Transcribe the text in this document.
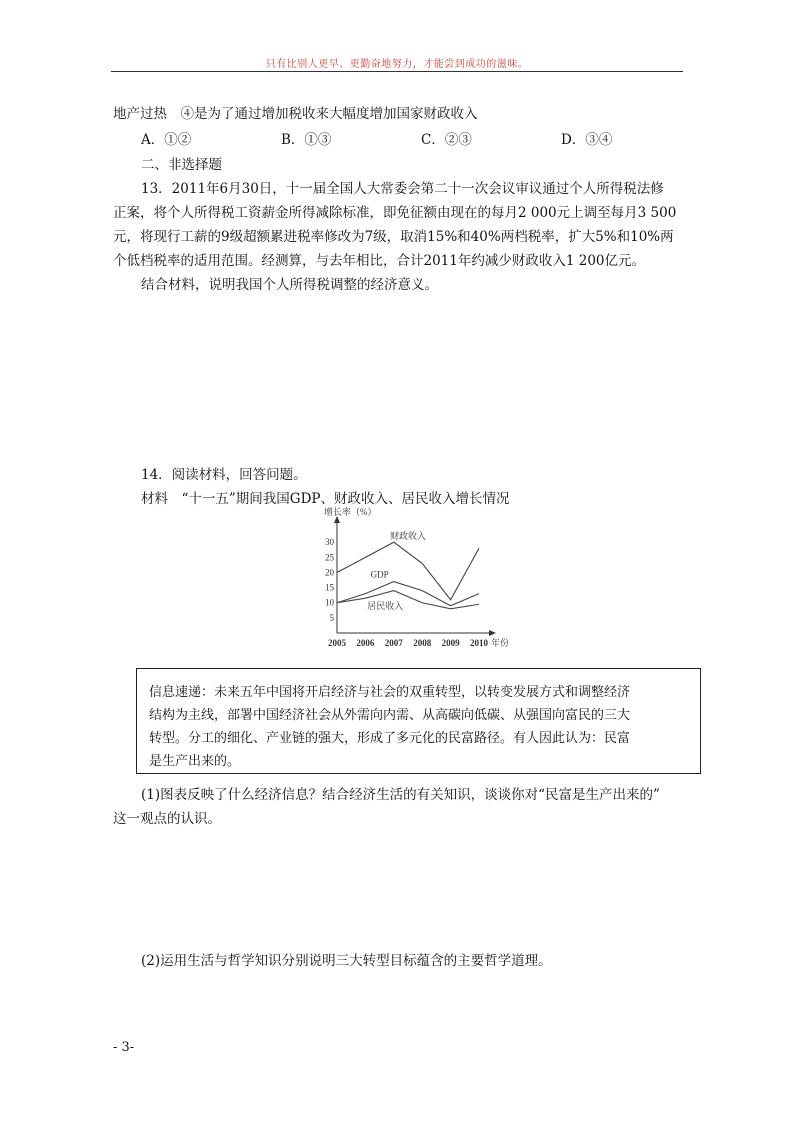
只有比别人更早、更勤奋地努力，才能尝到成功的滋味。
地产过热　④是为了通过增加税收来大幅度增加国家财政收入
A．①②	B．①③	C．②③	D．③④
二、非选择题
13．2011年6月30日，十一届全国人大常委会第二十一次会议审议通过个人所得税法修
正案，将个人所得税工资薪金所得减除标准，即免征额由现在的每月2 000元上调至每月3 500
元，将现行工薪的9级超额累进税率修改为7级，取消15%和40%两档税率，扩大5%和10%两
个低档税率的适用范围。经测算，与去年相比，合计2011年约减少财政收入1 200亿元。
结合材料，说明我国个人所得税调整的经济意义。
14．阅读材料，回答问题。
材料　“十一五”期间我国GDP、财政收入、居民收入增长情况
增长率（%）
5
10
15
20
25
30
2005 2006 2007 2008 2009 2010 年份
财政收入
GDP
居民收入
信息速递：未来五年中国将开启经济与社会的双重转型，以转变发展方式和调整经济
结构为主线，部署中国经济社会从外需向内需、从高碳向低碳、从强国向富民的三大
转型。分工的细化、产业链的强大，形成了多元化的民富路径。有人因此认为：民富
是生产出来的。
(1)图表反映了什么经济信息？结合经济生活的有关知识，谈谈你对“民富是生产出来的”
这一观点的认识。
(2)运用生活与哲学知识分别说明三大转型目标蕴含的主要哲学道理。
- 3-
